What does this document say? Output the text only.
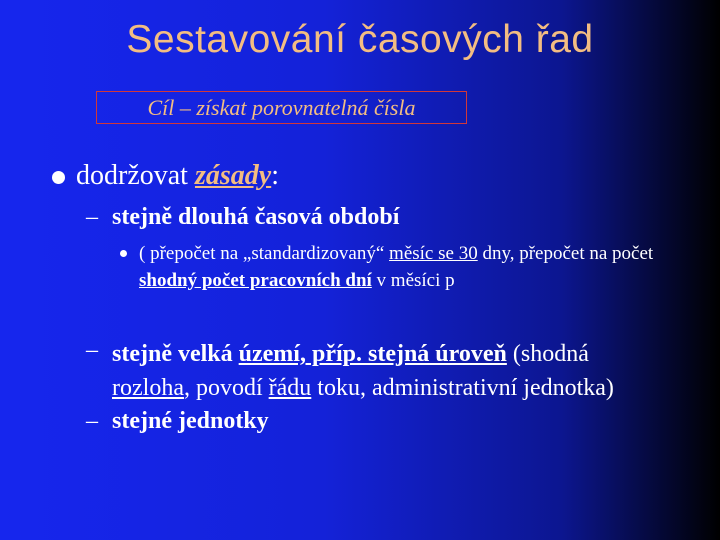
Sestavování časových řad
Cíl – získat porovnatelná čísla
dodržovat zásady:
– stejně dlouhá časová období
( přepočet na „standardizovaný“ měsíc se 30 dny, přepočet na počet shodný počet pracovních dní v měsíci p
– stejně velká území, příp. stejná úroveň (shodná
rozloha, povodí řádu toku, administrativní jednotka)
– stejné jednotky
